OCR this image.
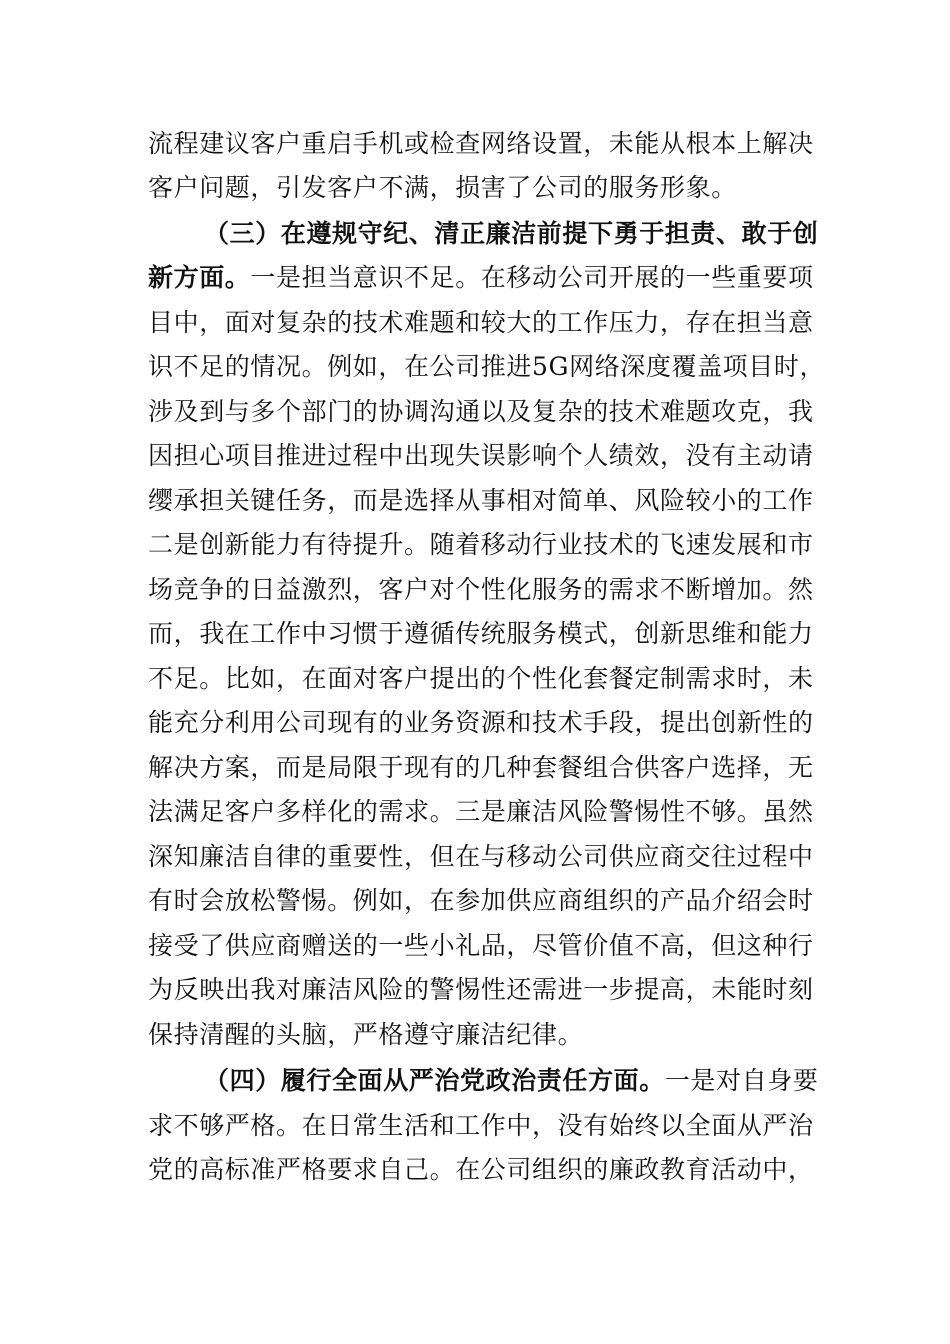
流程建议客户重启手机或检查网络设置，未能从根本上解决
客户问题，引发客户不满，损害了公司的服务形象。
（三）在遵规守纪、清正廉洁前提下勇于担责、敢于创
新方面。一是担当意识不足。在移动公司开展的一些重要项
目中，面对复杂的技术难题和较大的工作压力，存在担当意
识不足的情况。例如，在公司推进5G网络深度覆盖项目时，
涉及到与多个部门的协调沟通以及复杂的技术难题攻克，我
因担心项目推进过程中出现失误影响个人绩效，没有主动请
缨承担关键任务，而是选择从事相对简单、风险较小的工作
二是创新能力有待提升。随着移动行业技术的飞速发展和市
场竞争的日益激烈，客户对个性化服务的需求不断增加。然
而，我在工作中习惯于遵循传统服务模式，创新思维和能力
不足。比如，在面对客户提出的个性化套餐定制需求时，未
能充分利用公司现有的业务资源和技术手段，提出创新性的
解决方案，而是局限于现有的几种套餐组合供客户选择，无
法满足客户多样化的需求。三是廉洁风险警惕性不够。虽然
深知廉洁自律的重要性，但在与移动公司供应商交往过程中
有时会放松警惕。例如，在参加供应商组织的产品介绍会时
接受了供应商赠送的一些小礼品，尽管价值不高，但这种行
为反映出我对廉洁风险的警惕性还需进一步提高，未能时刻
保持清醒的头脑，严格遵守廉洁纪律。
（四）履行全面从严治党政治责任方面。一是对自身要
求不够严格。在日常生活和工作中，没有始终以全面从严治
党的高标准严格要求自己。在公司组织的廉政教育活动中，
